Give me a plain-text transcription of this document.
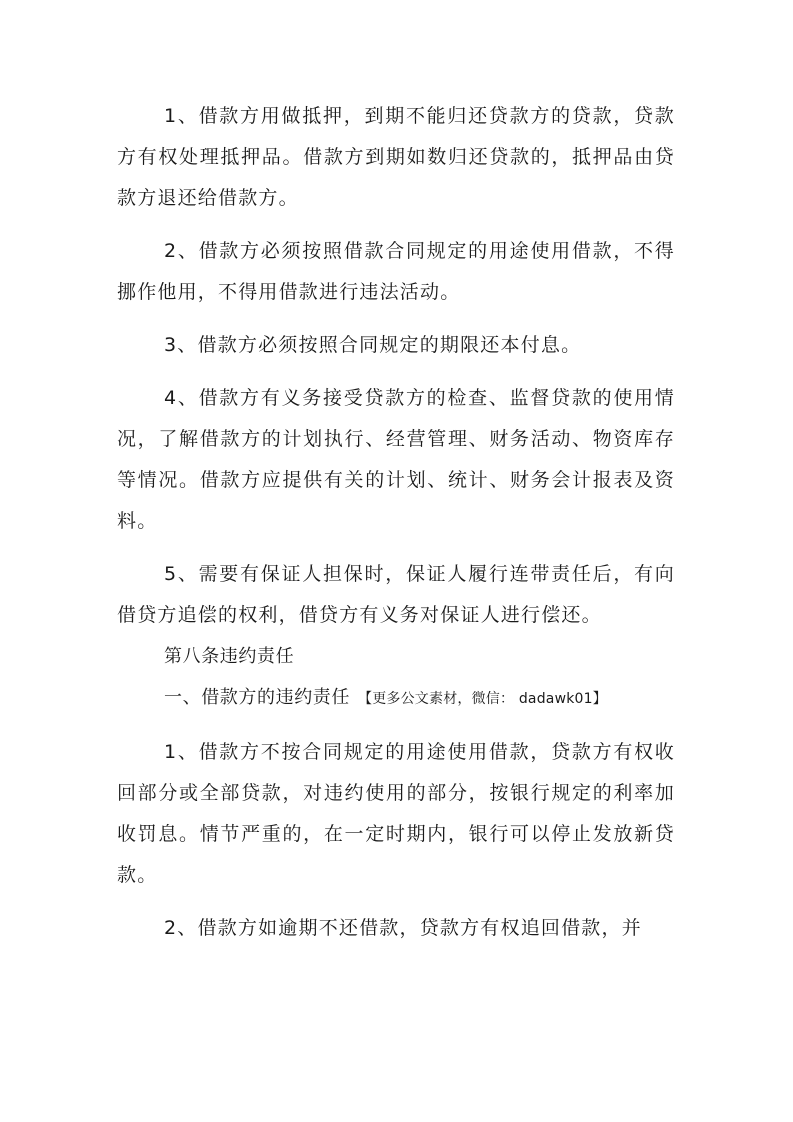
1、借款方用做抵押，到期不能归还贷款方的贷款，贷款方有权处理抵押品。借款方到期如数归还贷款的，抵押品由贷款方退还给借款方。

2、借款方必须按照借款合同规定的用途使用借款，不得挪作他用，不得用借款进行违法活动。

3、借款方必须按照合同规定的期限还本付息。

4、借款方有义务接受贷款方的检查、监督贷款的使用情况，了解借款方的计划执行、经营管理、财务活动、物资库存等情况。借款方应提供有关的计划、统计、财务会计报表及资料。

5、需要有保证人担保时，保证人履行连带责任后，有向借贷方追偿的权利，借贷方有义务对保证人进行偿还。

第八条违约责任

一、借款方的违约责任 【更多公文素材，微信： dadawk01】

1、借款方不按合同规定的用途使用借款，贷款方有权收回部分或全部贷款，对违约使用的部分，按银行规定的利率加收罚息。情节严重的，在一定时期内，银行可以停止发放新贷款。

2、借款方如逾期不还借款，贷款方有权追回借款，并
